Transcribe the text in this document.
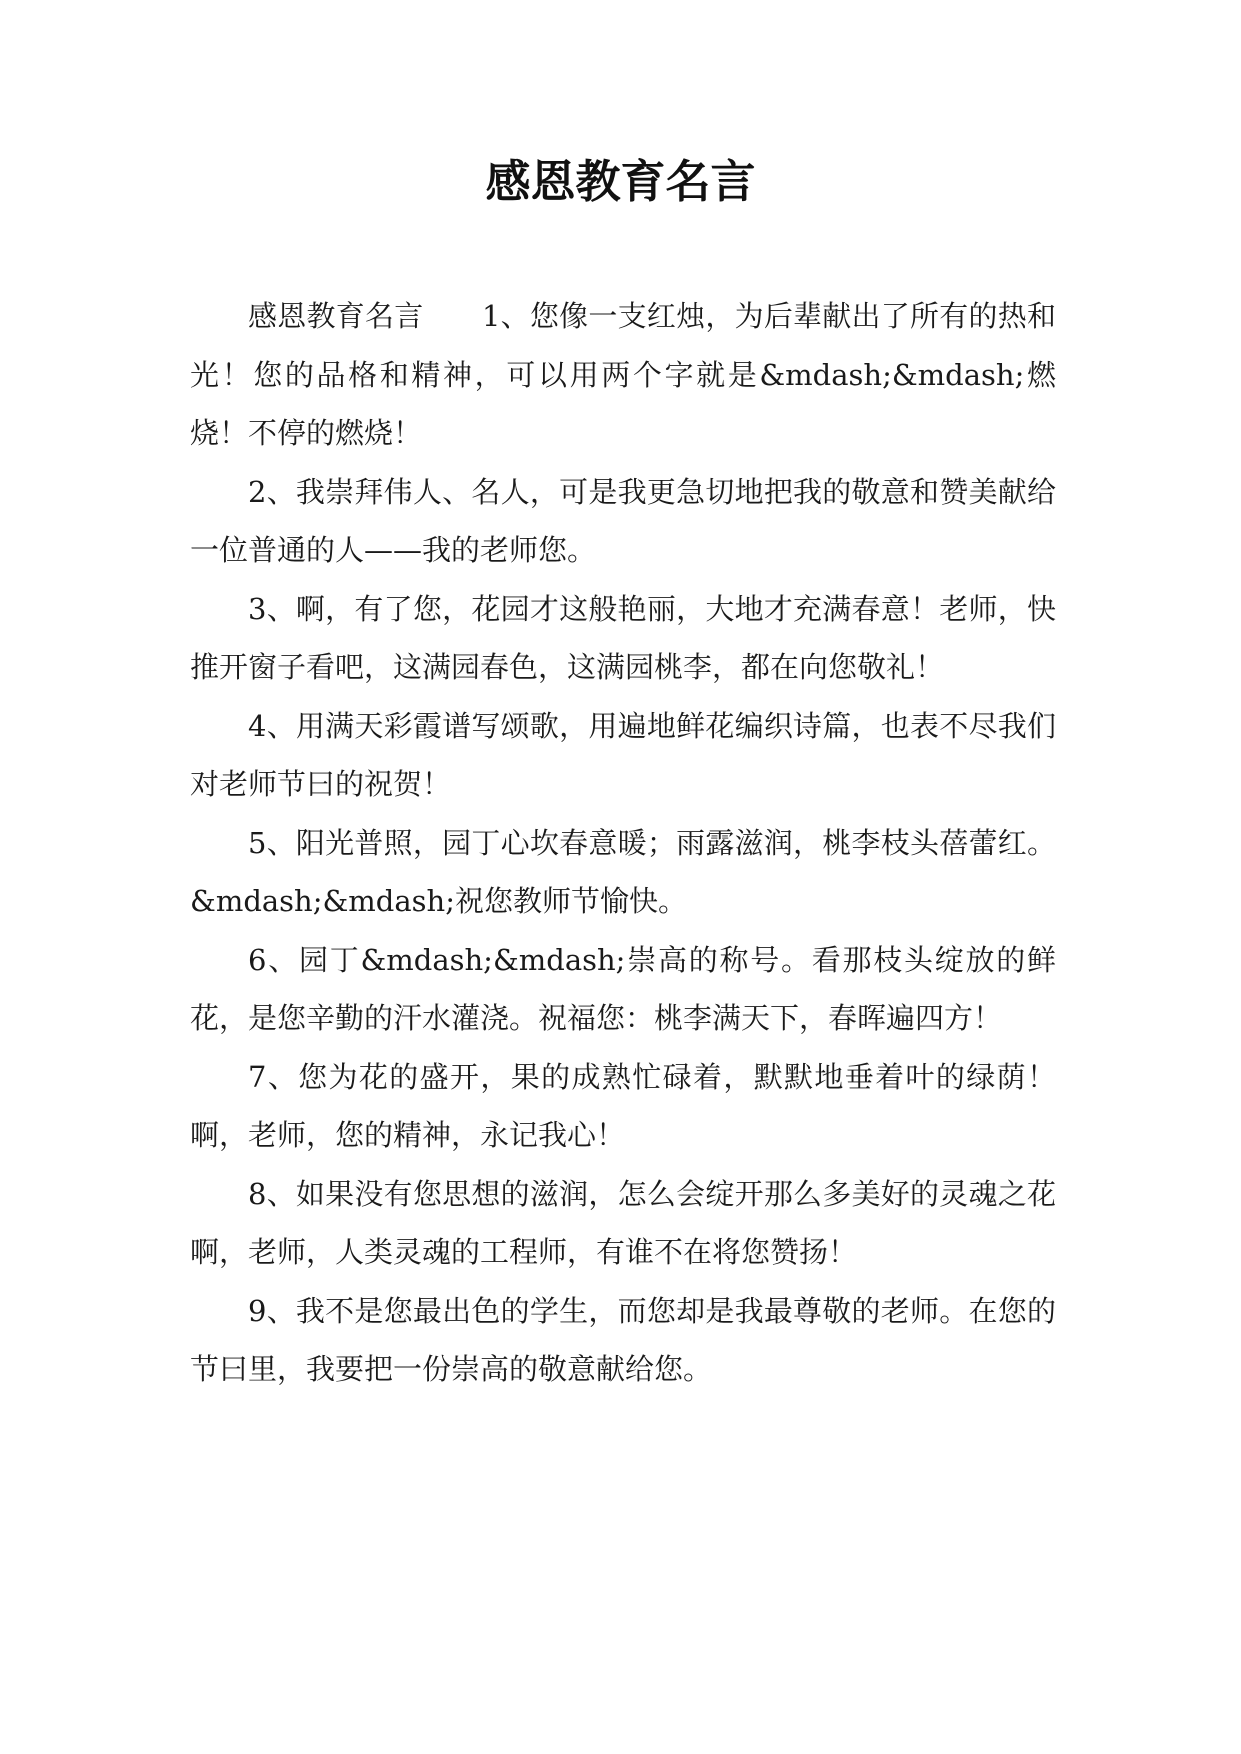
感恩教育名言

感恩教育名言　　1、您像一支红烛，为后辈献出了所有的热和光！您的品格和精神，可以用两个字就是&mdash;&mdash;燃烧！不停的燃烧！

2、我崇拜伟人、名人，可是我更急切地把我的敬意和赞美献给一位普通的人——我的老师您。

3、啊，有了您，花园才这般艳丽，大地才充满春意！老师，快推开窗子看吧，这满园春色，这满园桃李，都在向您敬礼！

4、用满天彩霞谱写颂歌，用遍地鲜花编织诗篇，也表不尽我们对老师节曰的祝贺！

5、阳光普照，园丁心坎春意暖；雨露滋润，桃李枝头蓓蕾红。&mdash;&mdash;祝您教师节愉快。

6、园丁&mdash;&mdash;崇高的称号。看那枝头绽放的鲜花，是您辛勤的汗水灌浇。祝福您：桃李满天下，春晖遍四方！

7、您为花的盛开，果的成熟忙碌着，默默地垂着叶的绿荫！啊，老师，您的精神，永记我心！

8、如果没有您思想的滋润，怎么会绽开那么多美好的灵魂之花 啊，老师，人类灵魂的工程师，有谁不在将您赞扬！

9、我不是您最出色的学生，而您却是我最尊敬的老师。在您的节曰里，我要把一份崇高的敬意献给您。
